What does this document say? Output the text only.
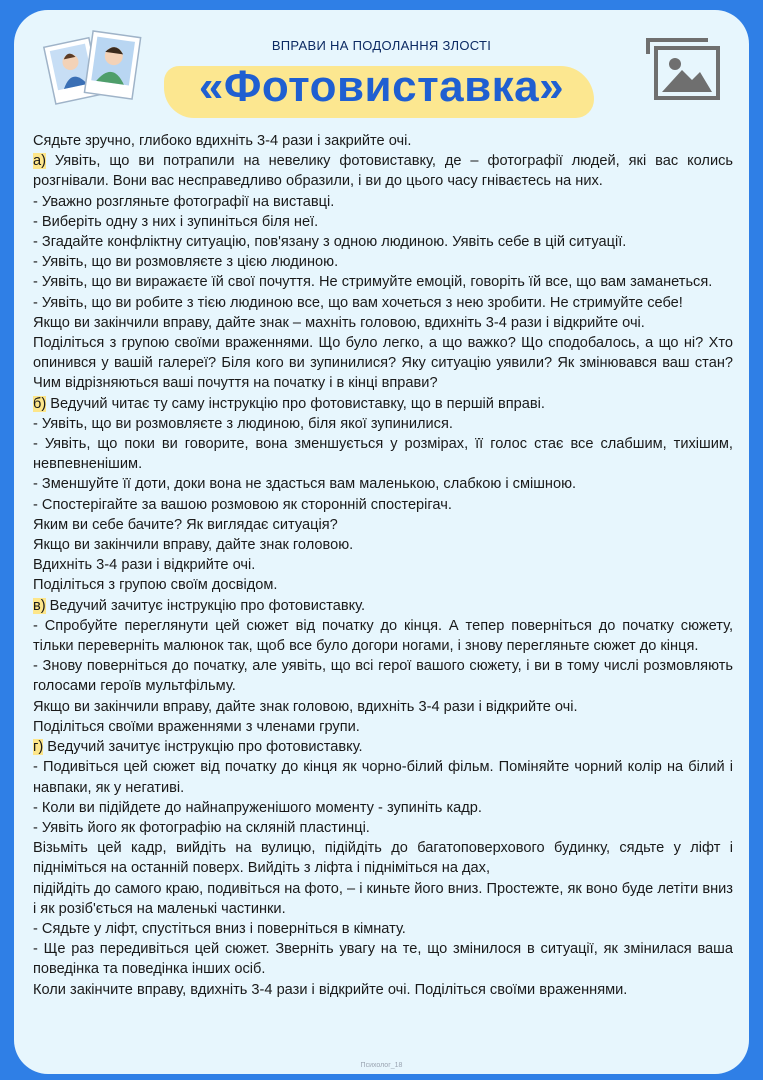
ВПРАВИ НА ПОДОЛАННЯ ЗЛОСТІ
«Фотовиставка»

Сядьте зручно, глибоко вдихніть 3-4 рази і закрийте очі.

а) Уявіть, що ви потрапили на невелику фотовиставку, де – фотографії людей, які вас колись розгнівали. Вони вас несправедливо образили, і ви до цього часу гніваєтесь на них.

- Уважно розгляньте фотографії на виставці.

- Виберіть одну з них і зупиніться біля неї.

- Згадайте конфліктну ситуацію, пов'язану з одною людиною. Уявіть себе в цій ситуації.

- Уявіть, що ви розмовляєте з цією людиною.

- Уявіть, що ви виражаєте їй свої почуття. Не стримуйте емоцій, говоріть їй все, що вам заманеться.

- Уявіть, що ви робите з тією людиною все, що вам хочеться з нею зробити. Не стримуйте себе!

Якщо ви закінчили вправу, дайте знак – махніть головою, вдихніть 3-4 рази і відкрийте очі.

Поділіться з групою своїми враженнями. Що було легко, а що важко? Що сподобалось, а що ні? Хто опинився у вашій галереї? Біля кого ви зупинилися? Яку ситуацію уявили? Як змінювався ваш стан? Чим відрізняються ваші почуття на початку і в кінці вправи?

б) Ведучий читає ту саму інструкцію про фотовиставку, що в першій вправі.

- Уявіть, що ви розмовляєте з людиною, біля якої зупинилися.

- Уявіть, що поки ви говорите, вона зменшується у розмірах, її голос стає все слабшим, тихішим, невпевненішим.

- Зменшуйте її доти, доки вона не здасться вам маленькою, слабкою і смішною.

- Спостерігайте за вашою розмовою як сторонній спостерігач.

Яким ви себе бачите? Як виглядає ситуація?

Якщо ви закінчили вправу, дайте знак головою.

Вдихніть 3-4 рази і відкрийте очі.

Поділіться з групою своїм досвідом.

в) Ведучий зачитує інструкцію про фотовиставку.

- Спробуйте переглянути цей сюжет від початку до кінця. А тепер поверніться до початку сюжету, тільки переверніть малюнок так, щоб все було догори ногами, і знову перегляньте сюжет до кінця.

- Знову поверніться до початку, але уявіть, що всі герої вашого сюжету, і ви в тому числі розмовляють голосами героїв мультфільму.

Якщо ви закінчили вправу, дайте знак головою, вдихніть 3-4 рази і відкрийте очі.

Поділіться своїми враженнями з членами групи.

г) Ведучий зачитує інструкцію про фотовиставку.

- Подивіться цей сюжет від початку до кінця як чорно-білий фільм. Поміняйте чорний колір на білий і навпаки, як у негативі.

- Коли ви підійдете до найнапруженішого моменту - зупиніть кадр.

- Уявіть його як фотографію на скляній пластинці.

Візьміть цей кадр, вийдіть на вулицю, підійдіть до багатоповерхового будинку, сядьте у ліфт і підніміться на останній поверх. Вийдіть з ліфта і підніміться на дах,

підійдіть до самого краю, подивіться на фото, – і киньте його вниз. Простежте, як воно буде летіти вниз і як розіб'ється на маленькі частинки.

- Сядьте у ліфт, спустіться вниз і поверніться в кімнату.

- Ще раз передивіться цей сюжет. Зверніть увагу на те, що змінилося в ситуації, як змінилася ваша поведінка та поведінка інших осіб.

Коли закінчите вправу, вдихніть 3-4 рази і відкрийте очі. Поділіться своїми враженнями.

Психолог_18
